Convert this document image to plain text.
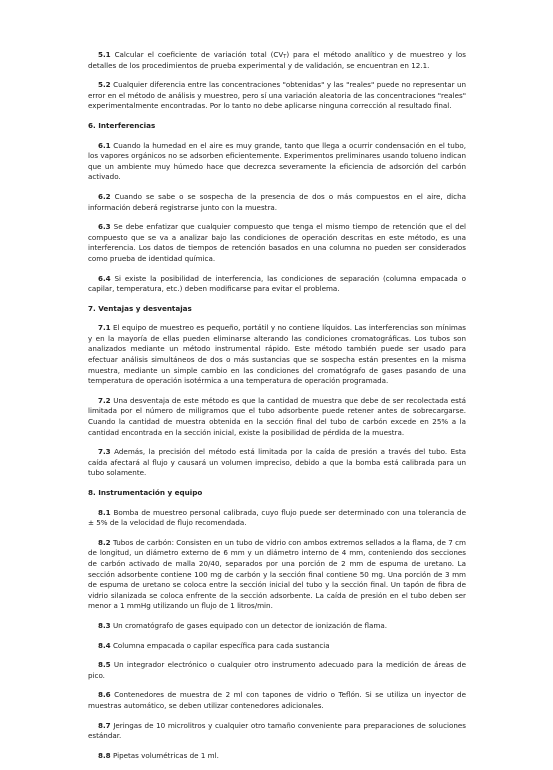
5.1 Calcular el coeficiente de variación total $(CV_T)$ para el método analítico y de muestreo y los detalles de los procedimientos de prueba experimental y de validación, se encuentran en 12.1.

5.2 Cualquier diferencia entre las concentraciones "obtenidas" y las "reales" puede no representar un error en el método de análisis y muestreo, pero sí una variación aleatoria de las concentraciones "reales" experimentalmente encontradas. Por lo tanto no debe aplicarse ninguna corrección al resultado final.

6. Interferencias

6.1 Cuando la humedad en el aire es muy grande, tanto que llega a ocurrir condensación en el tubo, los vapores orgánicos no se adsorben eficientemente. Experimentos preliminares usando tolueno indican que un ambiente muy húmedo hace que decrezca severamente la eficiencia de adsorción del carbón activado.

6.2 Cuando se sabe o se sospecha de la presencia de dos o más compuestos en el aire, dicha información deberá registrarse junto con la muestra.

6.3 Se debe enfatizar que cualquier compuesto que tenga el mismo tiempo de retención que el del compuesto que se va a analizar bajo las condiciones de operación descritas en este método, es una interferencia. Los datos de tiempos de retención basados en una columna no pueden ser considerados como prueba de identidad química.

6.4 Si existe la posibilidad de interferencia, las condiciones de separación (columna empacada o capilar, temperatura, etc.) deben modificarse para evitar el problema.

7. Ventajas y desventajas

7.1 El equipo de muestreo es pequeño, portátil y no contiene líquidos. Las interferencias son mínimas y en la mayoría de ellas pueden eliminarse alterando las condiciones cromatográficas. Los tubos son analizados mediante un método instrumental rápido. Este método también puede ser usado para efectuar análisis simultáneos de dos o más sustancias que se sospecha están presentes en la misma muestra, mediante un simple cambio en las condiciones del cromatógrafo de gases pasando de una temperatura de operación isotérmica a una temperatura de operación programada.

7.2 Una desventaja de este método es que la cantidad de muestra que debe de ser recolectada está limitada por el número de miligramos que el tubo adsorbente puede retener antes de sobrecargarse. Cuando la cantidad de muestra obtenida en la sección final del tubo de carbón excede en 25% a la cantidad encontrada en la sección inicial, existe la posibilidad de pérdida de la muestra.

7.3 Además, la precisión del método está limitada por la caída de presión a través del tubo. Esta caída afectará al flujo y causará un volumen impreciso, debido a que la bomba está calibrada para un tubo solamente.

8. Instrumentación y equipo

8.1 Bomba de muestreo personal calibrada, cuyo flujo puede ser determinado con una tolerancia de ± 5% de la velocidad de flujo recomendada.

8.2 Tubos de carbón: Consisten en un tubo de vidrio con ambos extremos sellados a la flama, de 7 cm de longitud, un diámetro externo de 6 mm y un diámetro interno de 4 mm, conteniendo dos secciones de carbón activado de malla 20/40, separados por una porción de 2 mm de espuma de uretano. La sección adsorbente contiene 100 mg de carbón y la sección final contiene 50 mg. Una porción de 3 mm de espuma de uretano se coloca entre la sección inicial del tubo y la sección final. Un tapón de fibra de vidrio silanizada se coloca enfrente de la sección adsorbente. La caída de presión en el tubo deben ser menor a 1 mmHg utilizando un flujo de 1 litros/min.

8.3 Un cromatógrafo de gases equipado con un detector de ionización de flama.

8.4 Columna empacada o capilar específica para cada sustancia

8.5 Un integrador electrónico o cualquier otro instrumento adecuado para la medición de áreas de pico.

8.6 Contenedores de muestra de 2 ml con tapones de vidrio o Teflón. Si se utiliza un inyector de muestras automático, se deben utilizar contenedores adicionales.

8.7 Jeringas de 10 microlitros y cualquier otro tamaño conveniente para preparaciones de soluciones estándar.

8.8 Pipetas volumétricas de 1 ml.
